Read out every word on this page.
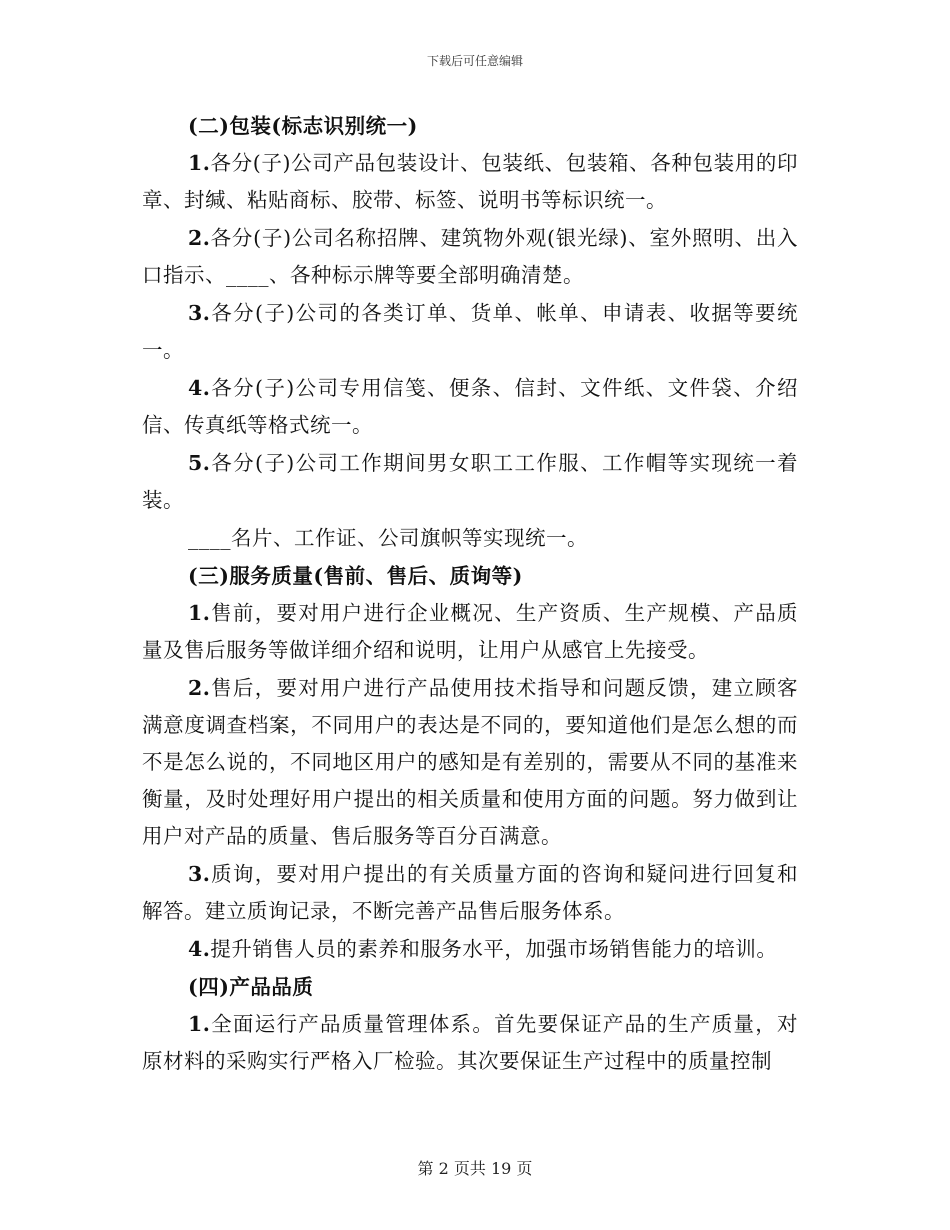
下载后可任意编辑

(二)包装(标志识别统一)

1.各分(子)公司产品包装设计、包装纸、包装箱、各种包装用的印章、封缄、粘贴商标、胶带、标签、说明书等标识统一。

2.各分(子)公司名称招牌、建筑物外观(银光绿)、室外照明、出入口指示、____、各种标示牌等要全部明确清楚。

3.各分(子)公司的各类订单、货单、帐单、申请表、收据等要统一。

4.各分(子)公司专用信笺、便条、信封、文件纸、文件袋、介绍信、传真纸等格式统一。

5.各分(子)公司工作期间男女职工工作服、工作帽等实现统一着装。

____名片、工作证、公司旗帜等实现统一。

(三)服务质量(售前、售后、质询等)

1.售前，要对用户进行企业概况、生产资质、生产规模、产品质量及售后服务等做详细介绍和说明，让用户从感官上先接受。

2.售后，要对用户进行产品使用技术指导和问题反馈，建立顾客满意度调查档案，不同用户的表达是不同的，要知道他们是怎么想的而不是怎么说的，不同地区用户的感知是有差别的，需要从不同的基准来衡量，及时处理好用户提出的相关质量和使用方面的问题。努力做到让用户对产品的质量、售后服务等百分百满意。

3.质询，要对用户提出的有关质量方面的咨询和疑问进行回复和解答。建立质询记录，不断完善产品售后服务体系。

4.提升销售人员的素养和服务水平，加强市场销售能力的培训。

(四)产品品质

1.全面运行产品质量管理体系。首先要保证产品的生产质量，对原材料的采购实行严格入厂检验。其次要保证生产过程中的质量控制

第 2 页共 19 页
